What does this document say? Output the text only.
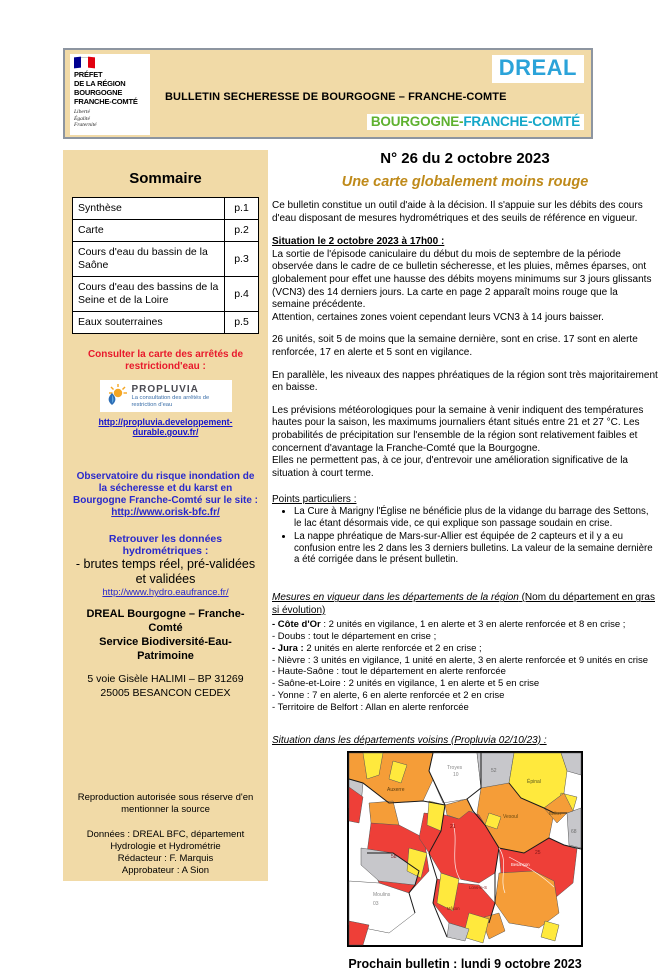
PRÉFET
DE LA RÉGION
BOURGOGNE
FRANCHE-COMTÉ
Liberté
Égalité
Fraternité
BULLETIN SECHERESSE DE BOURGOGNE – FRANCHE-COMTE
DREAL
BOURGOGNE-FRANCHE-COMTÉ
Sommaire
Synthèse	p.1
Carte	p.2
Cours d'eau du bassin de la Saône	p.3
Cours d'eau des bassins de la Seine et de la Loire	p.4
Eaux souterraines	p.5
Consulter la carte des arrêtés de restrictiond'eau :
PROPLUVIA
La consultation des arrêtés de restriction d'eau
http://propluvia.developpement-durable.gouv.fr/
Observatoire du risque inondation de la sécheresse et du karst en Bourgogne Franche-Comté sur le site :
http://www.orisk-bfc.fr/
Retrouver les données hydrométriques :
- brutes temps réel, pré-validées et validées
http://www.hydro.eaufrance.fr/
DREAL Bourgogne – Franche-Comté
Service Biodiversité-Eau-Patrimoine
5 voie Gisèle HALIMI – BP 31269
25005 BESANCON CEDEX
Reproduction autorisée sous réserve d'en
mentionner la source
Données : DREAL BFC, département Hydrologie et Hydrométrie
Rédacteur : F. Marquis
Approbateur : A Sion
N° 26 du 2 octobre 2023
Une carte globalement moins rouge
Ce bulletin constitue un outil d'aide à la décision. Il s'appuie sur les débits des cours d'eau disposant de mesures hydrométriques et des seuils de référence en vigueur.
Situation le 2 octobre 2023 à 17h00 :
La sortie de l'épisode caniculaire du début du mois de septembre de la période observée dans le cadre de ce bulletin sécheresse, et les pluies, mêmes éparses, ont globalement pour effet une hausse des débits moyens minimums sur 3 jours glissants (VCN3) des 14 derniers jours. La carte en page 2 apparaît moins rouge que la semaine précédente.
Attention, certaines zones voient cependant leurs VCN3 à 14 jours baisser.
26 unités, soit 5 de moins que la semaine dernière, sont en crise. 17 sont en alerte renforcée, 17 en alerte et 5 sont en vigilance.
En parallèle, les niveaux des nappes phréatiques de la région sont très majoritairement en baisse.
Les prévisions météorologiques pour la semaine à venir indiquent des températures hautes pour la saison, les maximums journaliers étant situés entre 21 et 27 °C. Les probabilités de précipitation sur l'ensemble de la région sont relativement faibles et concernent d'avantage la Franche-Comté que la Bourgogne.
Elles ne permettent pas, à ce jour, d'entrevoir une amélioration significative de la situation à court terme.
Points particuliers :
• La Cure à Marigny l'Église ne bénéficie plus de la vidange du barrage des Settons, le lac étant désormais vide, ce qui explique son passage soudain en crise.
• La nappe phréatique de Mars-sur-Allier est équipée de 2 capteurs et il y a eu confusion entre les 2 dans les 3 derniers bulletins. La valeur de la semaine dernière a été corrigée dans le présent bulletin.
Mesures en vigueur dans les départements de la région (Nom du département en gras si évolution)
- Côte d'Or : 2 unités en vigilance, 1 en alerte et 3 en alerte renforcée et 8 en crise ;
- Doubs : tout le département en crise ;
- Jura : 2 unités en alerte renforcée et 2 en crise ;
- Nièvre : 3 unités en vigilance, 1 unité en alerte, 3 en alerte renforcée et 9 unités en crise
- Haute-Saône : tout le département en alerte renforcée
- Saône-et-Loire : 2 unités en vigilance, 1 en alerte et 5 en crise
- Yonne : 7 en alerte, 6 en alerte renforcée et 2 en crise
- Territoire de Belfort : Allan en alerte renforcée
Situation dans les départements voisins (Propluvia 02/10/23) :
Troyes
10
52
Épinal
Auxerre
Vesoul
Belfort
25
21
58
Moulins
03
Mâcon
68
Besançon
Lons-le-S
Prochain bulletin : lundi 9 octobre 2023
